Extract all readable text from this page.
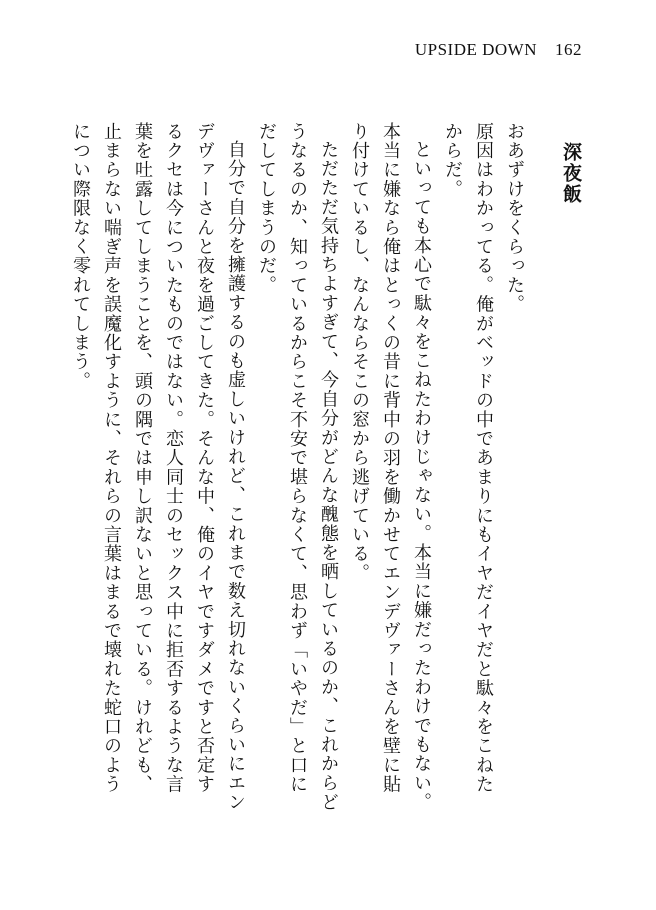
UPSIDE DOWN 162
深夜飯

おあずけをくらった。

原因はわかってる。俺がベッドの中であまりにもイヤだイヤだと駄々をこねたからだ。

といっても本心で駄々をこねたわけじゃない。本当に嫌だったわけでもない。本当に嫌なら俺はとっくの昔に背中の羽を働かせてエンデヴァーさんを壁に貼り付けているし、なんならそこの窓から逃げている。

ただただ気持ちよすぎて、今自分がどんな醜態を晒しているのか、これからどうなるのか、知っているからこそ不安で堪らなくて、思わず「いやだ」と口にだしてしまうのだ。

自分で自分を擁護するのも虚しいけれど、これまで数え切れないくらいにエンデヴァーさんと夜を過ごしてきた。そんな中、俺のイヤですダメですと否定するクセは今についたものではない。恋人同士のセックス中に拒否するような言葉を吐露してしまうことを、頭の隅では申し訳ないと思っている。けれども、止まらない喘ぎ声を誤魔化すように、それらの言葉はまるで壊れた蛇口のようについ際限なく零れてしまう。
